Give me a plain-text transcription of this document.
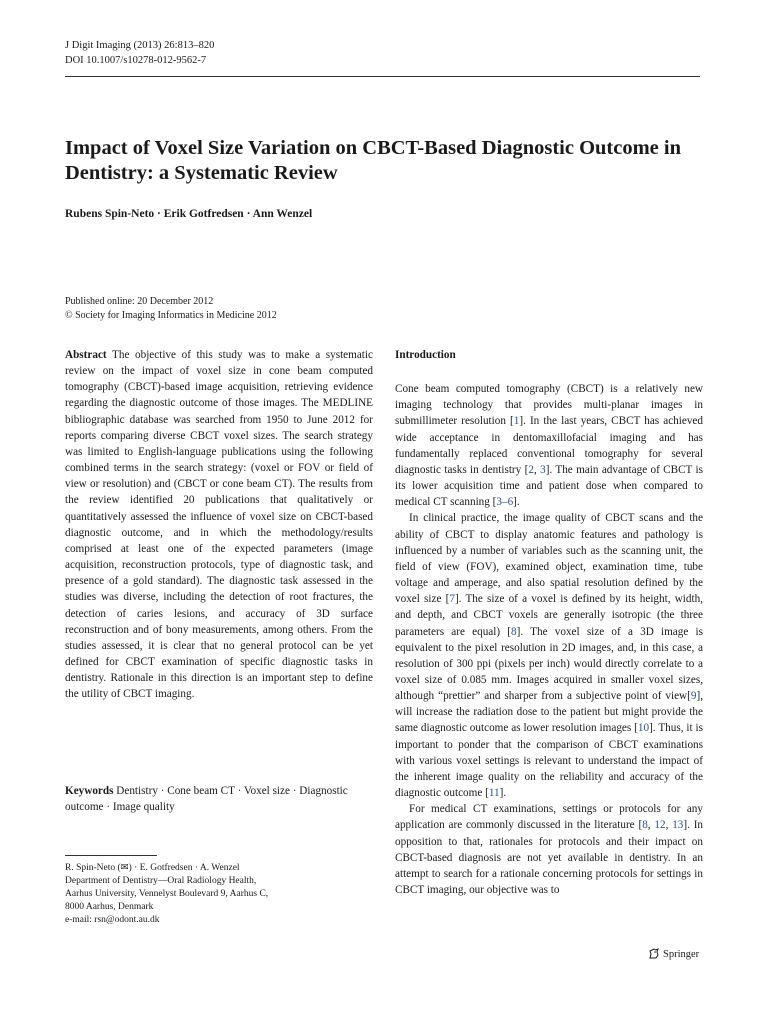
J Digit Imaging (2013) 26:813–820
DOI 10.1007/s10278-012-9562-7
Impact of Voxel Size Variation on CBCT-Based Diagnostic Outcome in Dentistry: a Systematic Review
Rubens Spin-Neto · Erik Gotfredsen · Ann Wenzel
Published online: 20 December 2012
© Society for Imaging Informatics in Medicine 2012

Abstract The objective of this study was to make a systematic review on the impact of voxel size in cone beam computed tomography (CBCT)-based image acquisition, retrieving evidence regarding the diagnostic outcome of those images. The MEDLINE bibliographic database was searched from 1950 to June 2012 for reports comparing diverse CBCT voxel sizes. The search strategy was limited to English-language publications using the following combined terms in the search strategy: (voxel or FOV or field of view or resolution) and (CBCT or cone beam CT). The results from the review identified 20 publications that qualitatively or quantitatively assessed the influence of voxel size on CBCT-based diagnostic outcome, and in which the methodology/results comprised at least one of the expected parameters (image acquisition, reconstruction protocols, type of diagnostic task, and presence of a gold standard). The diagnostic task assessed in the studies was diverse, including the detection of root fractures, the detection of caries lesions, and accuracy of 3D surface reconstruction and of bony measurements, among others. From the studies assessed, it is clear that no general protocol can be yet defined for CBCT examination of specific diagnostic tasks in dentistry. Rationale in this direction is an important step to define the utility of CBCT imaging.

Keywords Dentistry · Cone beam CT · Voxel size · Diagnostic outcome · Image quality
R. Spin-Neto (✉) · E. Gotfredsen · A. Wenzel
Department of Dentistry—Oral Radiology Health,
Aarhus University, Vennelyst Boulevard 9, Aarhus C,
8000 Aarhus, Denmark
e-mail: rsn@odont.au.dk
Introduction

Cone beam computed tomography (CBCT) is a relatively new imaging technology that provides multi-planar images in submillimeter resolution [1]. In the last years, CBCT has achieved wide acceptance in dentomaxillofacial imaging and has fundamentally replaced conventional tomography for several diagnostic tasks in dentistry [2, 3]. The main advantage of CBCT is its lower acquisition time and patient dose when compared to medical CT scanning [3–6].

In clinical practice, the image quality of CBCT scans and the ability of CBCT to display anatomic features and pathology is influenced by a number of variables such as the scanning unit, the field of view (FOV), examined object, examination time, tube voltage and amperage, and also spatial resolution defined by the voxel size [7]. The size of a voxel is defined by its height, width, and depth, and CBCT voxels are generally isotropic (the three parameters are equal) [8]. The voxel size of a 3D image is equivalent to the pixel resolution in 2D images, and, in this case, a resolution of 300 ppi (pixels per inch) would directly correlate to a voxel size of 0.085 mm. Images acquired in smaller voxel sizes, although “prettier” and sharper from a subjective point of view[9], will increase the radiation dose to the patient but might provide the same diagnostic outcome as lower resolution images [10]. Thus, it is important to ponder that the comparison of CBCT examinations with various voxel settings is relevant to understand the impact of the inherent image quality on the reliability and accuracy of the diagnostic outcome [11].

For medical CT examinations, settings or protocols for any application are commonly discussed in the literature [8, 12, 13]. In opposition to that, rationales for protocols and their impact on CBCT-based diagnosis are not yet available in dentistry. In an attempt to search for a rationale concerning protocols for settings in CBCT imaging, our objective was to

Springer
